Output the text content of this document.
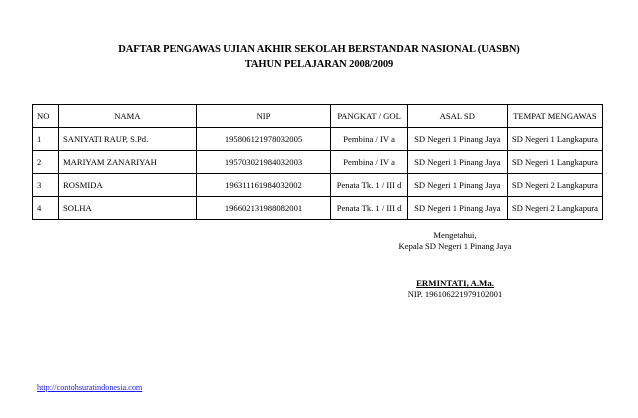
DAFTAR PENGAWAS UJIAN AKHIR SEKOLAH BERSTANDAR NASIONAL (UASBN)
TAHUN PELAJARAN 2008/2009
NO	NAMA	NIP	PANGKAT / GOL	ASAL SD	TEMPAT MENGAWAS
1	SANIYATI RAUP, S.Pd.	195806121978032005	Pembina / IV a	SD Negeri 1 Pinang Jaya	SD Negeri 1 Langkapura
2	MARIYAM ZANARIYAH	195703021984032003	Pembina / IV a	SD Negeri 1 Pinang Jaya	SD Negeri 1 Langkapura
3	ROSMIDA	196311161984032002	Penata Tk. 1 / III d	SD Negeri 1 Pinang Jaya	SD Negeri 2 Langkapura
4	SOLHA	196602131988082001	Penata Tk. 1 / III d	SD Negeri 1 Pinang Jaya	SD Negeri 2 Langkapura
Mengetahui,
Kepala SD Negeri 1 Pinang Jaya
ERMINTATI, A.Ma.
NIP. 196106221979102001
http://contohsuratindonesia.com
